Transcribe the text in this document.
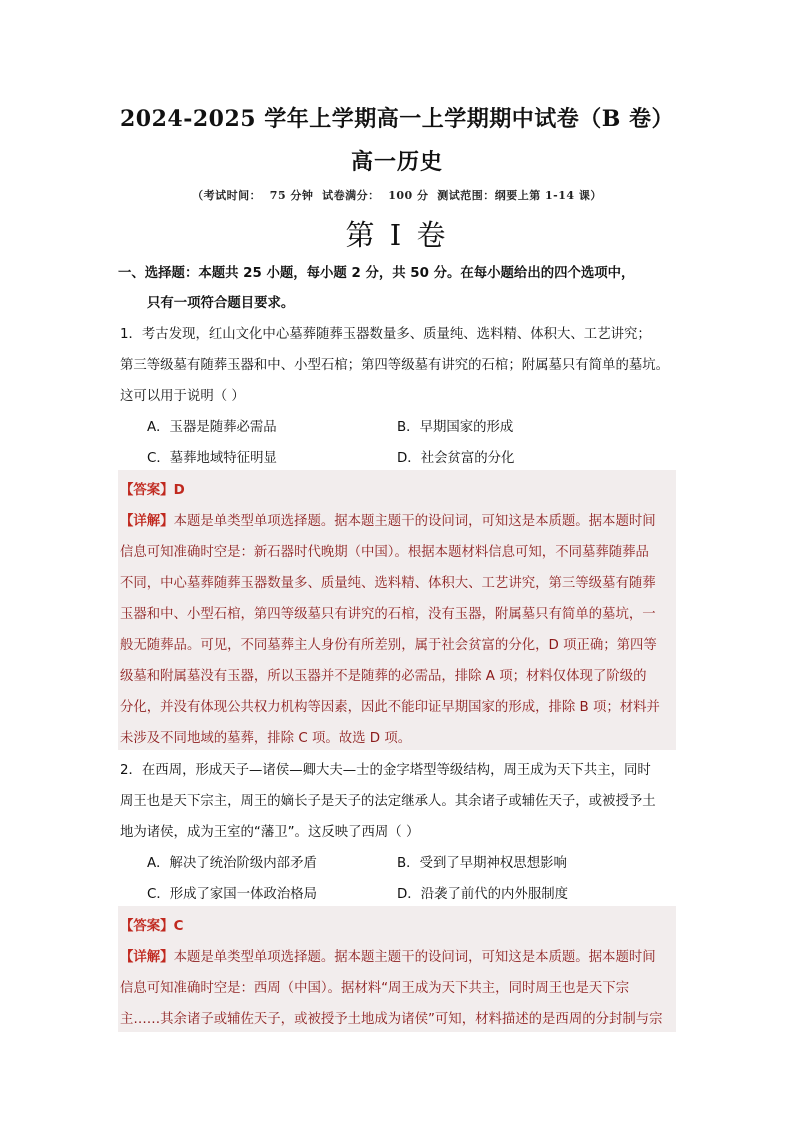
2024-2025 学年上学期高一上学期期中试卷（B 卷）
高一历史
（考试时间：  75 分钟  试卷满分：  100 分  测试范围：纲要上第 1-14 课）
第 I 卷
一、选择题：本题共 25 小题，每小题 2 分，共 50 分。在每小题给出的四个选项中，
只有一项符合题目要求。
1．考古发现，红山文化中心墓葬随葬玉器数量多、质量纯、选料精、体积大、工艺讲究；
第三等级墓有随葬玉器和中、小型石棺；第四等级墓有讲究的石棺；附属墓只有简单的墓坑。
这可以用于说明（ ）
A．玉器是随葬必需品	B．早期国家的形成
C．墓葬地域特征明显	D．社会贫富的分化
【答案】D
【详解】本题是单类型单项选择题。据本题主题干的设问词，可知这是本质题。据本题时间
信息可知准确时空是：新石器时代晚期（中国）。根据本题材料信息可知，不同墓葬随葬品
不同，中心墓葬随葬玉器数量多、质量纯、选料精、体积大、工艺讲究，第三等级墓有随葬
玉器和中、小型石棺，第四等级墓只有讲究的石棺，没有玉器，附属墓只有简单的墓坑，一
般无随葬品。可见，不同墓葬主人身份有所差别，属于社会贫富的分化，D 项正确；第四等
级墓和附属墓没有玉器，所以玉器并不是随葬的必需品，排除 A 项；材料仅体现了阶级的
分化，并没有体现公共权力机构等因素，因此不能印证早期国家的形成，排除 B 项；材料并
未涉及不同地域的墓葬，排除 C 项。故选 D 项。
2．在西周，形成天子—诸侯—卿大夫—士的金字塔型等级结构，周王成为天下共主，同时
周王也是天下宗主，周王的嫡长子是天子的法定继承人。其余诸子或辅佐天子，或被授予土
地为诸侯，成为王室的“藩卫”。这反映了西周（ ）
A．解决了统治阶级内部矛盾	B．受到了早期神权思想影响
C．形成了家国一体政治格局	D．沿袭了前代的内外服制度
【答案】C
【详解】本题是单类型单项选择题。据本题主题干的设问词，可知这是本质题。据本题时间
信息可知准确时空是：西周（中国）。据材料“周王成为天下共主，同时周王也是天下宗
主……其余诸子或辅佐天子，或被授予土地成为诸侯”可知，材料描述的是西周的分封制与宗
